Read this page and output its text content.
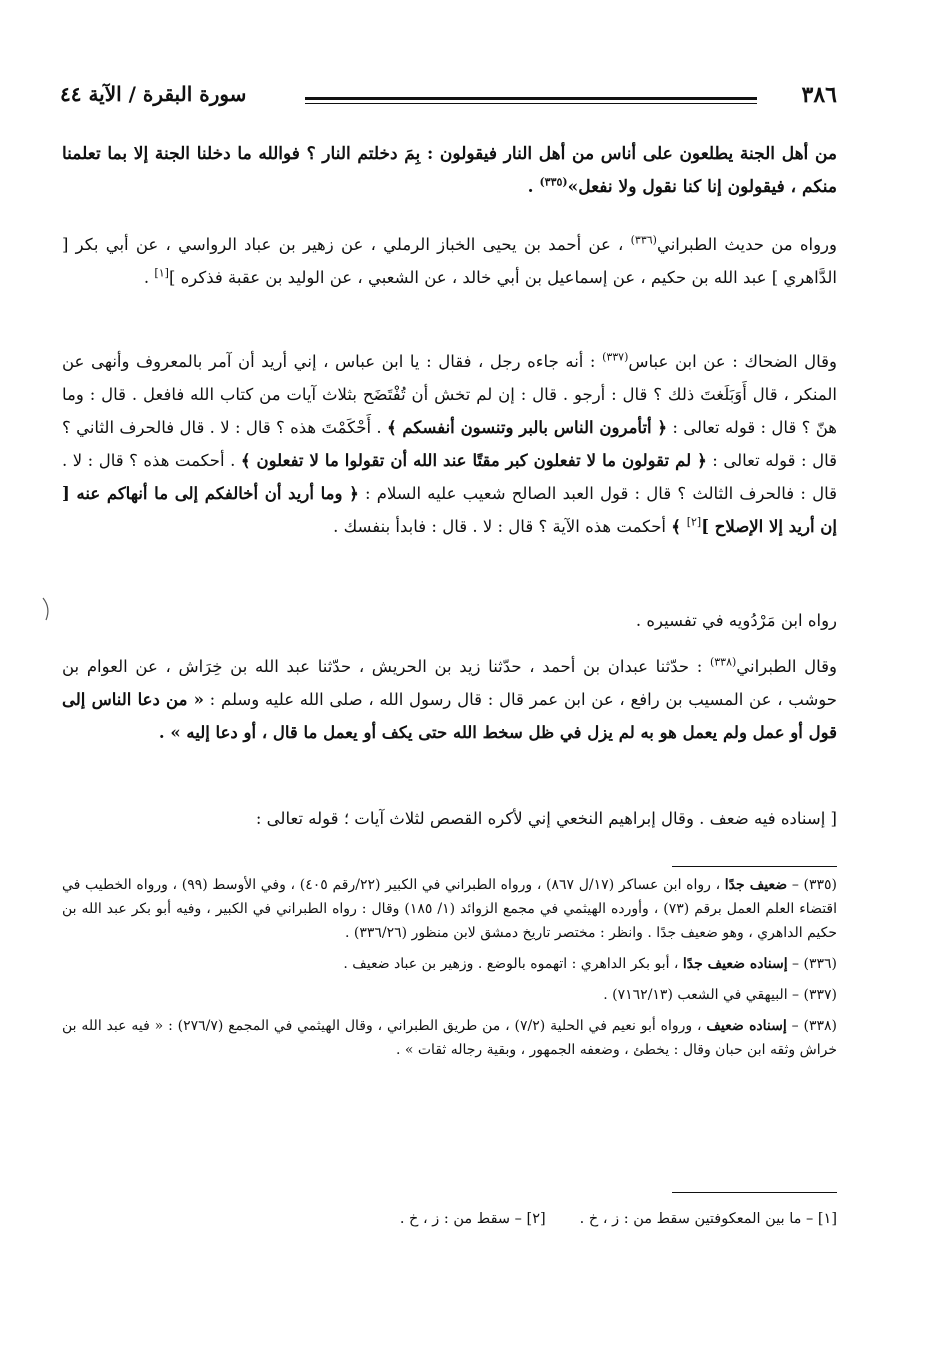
٣٨٦
سورة البقرة / الآية ٤٤
من أهل الجنة يطلعون على أناس من أهل النار فيقولون : بِمَ دخلتم النار ؟ فوالله ما دخلنا الجنة إلا بما تعلمنا منكم ، فيقولون إنا كنا نقول ولا نفعل»$^{(٣٣٥)}$ .
ورواه من حديث الطبراني$^{(٣٣٦)}$ ، عن أحمد بن يحيى الخباز الرملي ، عن زهير بن عباد الرواسي ، عن أبي بكر [ الدَّاهري ] عبد الله بن حكيم ، عن إسماعيل بن أبي خالد ، عن الشعبي ، عن الوليد بن عقبة فذكره ][١] .
وقال الضحاك : عن ابن عباس$^{(٣٣٧)}$ : أنه جاءه رجل ، فقال : يا ابن عباس ، إني أريد أن آمر بالمعروف وأنهى عن المنكر ، قال أَوَبَلَغتَ ذلك ؟ قال : أرجو . قال : إن لم تخش أن تُفْتَضَح بثلاث آيات من كتاب الله فافعل . قال : وما هنّ ؟ قال : قوله تعالى : ﴿ أتأمرون الناس بالبر وتنسون أنفسكم ﴾ . أَحْكَمْتَ هذه ؟ قال : لا . قال فالحرف الثاني ؟ قال : قوله تعالى : ﴿ لم تقولون ما لا تفعلون كبر مقتًا عند الله أن تقولوا ما لا تفعلون ﴾ . أحكمت هذه ؟ قال : لا . قال : فالحرف الثالث ؟ قال : قول العبد الصالح شعيب عليه السلام : ﴿ وما أريد أن أخالفكم إلى ما أنهاكم عنه [ إن أريد إلا الإصلاح ][٢] ﴾ أحكمت هذه الآية ؟ قال : لا . قال : فابدأ بنفسك .
رواه ابن مَرْدُويه في تفسيره .
وقال الطبراني$^{(٣٣٨)}$ : حدّثنا عبدان بن أحمد ، حدّثنا زيد بن الحريش ، حدّثنا عبد الله بن خِرَاش ، عن العوام بن حوشب ، عن المسيب بن رافع ، عن ابن عمر قال : قال رسول الله ، صلى الله عليه وسلم : « من دعا الناس إلى قول أو عمل ولم يعمل هو به لم يزل في ظل سخط الله حتى يكف أو يعمل ما قال ، أو دعا إليه » .
[ إسناده فيه ضعف . وقال إبراهيم النخعي إني لأكره القصص لثلاث آيات ؛ قوله تعالى :
(٣٣٥) – ضعيف جدًا ، رواه ابن عساكر (١٧/ل ٨٦٧) ، ورواه الطبراني في الكبير (٢٢/رقم ٤٠٥) ، وفي الأوسط (٩٩) ، ورواه الخطيب في اقتضاء العلم العمل برقم (٧٣) ، وأورده الهيثمي في مجمع الزوائد (١/ ١٨٥) وقال : رواه الطبراني في الكبير ، وفيه أبو بكر عبد الله بن حكيم الداهري ، وهو ضعيف جدًا . وانظر : مختصر تاريخ دمشق لابن منظور (٣٣٦/٢٦) .
(٣٣٦) – إسناده ضعيف جدًا ، أبو بكر الداهري : اتهموه بالوضع . وزهير بن عباد ضعيف .
(٣٣٧) – البيهقي في الشعب (٧١٦٢/١٣) .
(٣٣٨) – إسناده ضعيف ، ورواه أبو نعيم في الحلية (٧/٢) ، من طريق الطبراني ، وقال الهيثمي في المجمع (٢٧٦/٧) : « فيه عبد الله بن خراش وثقه ابن حبان وقال : يخطئ ، وضعفه الجمهور ، وبقية رجاله ثقات » .
[١] – ما بين المعكوفتين سقط من : ز ، خ .[٢] – سقط من : ز ، خ .
